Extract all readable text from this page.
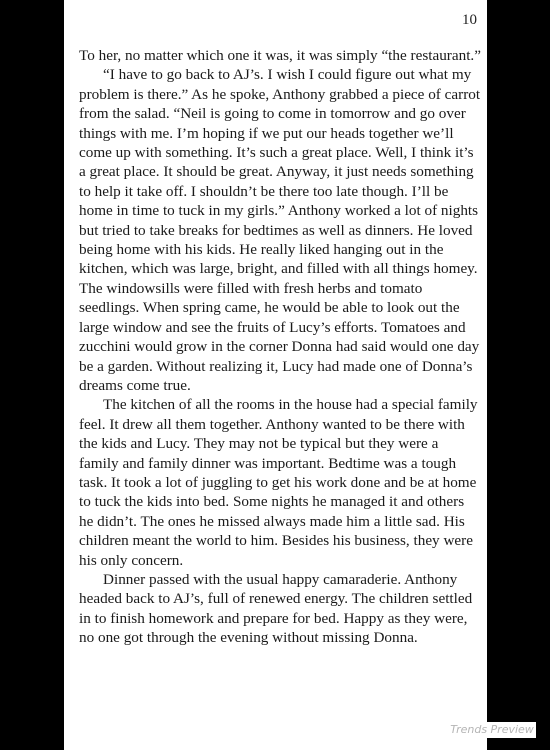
10

To her, no matter which one it was, it was simply “the restaurant.”

“I have to go back to AJ’s. I wish I could figure out what my problem is there.” As he spoke, Anthony grabbed a piece of carrot from the salad. “Neil is going to come in tomorrow and go over things with me. I’m hoping if we put our heads together we’ll come up with something. It’s such a great place. Well, I think it’s a great place. It should be great. Anyway, it just needs something to help it take off. I shouldn’t be there too late though. I’ll be home in time to tuck in my girls.” Anthony worked a lot of nights but tried to take breaks for bedtimes as well as dinners. He loved being home with his kids. He really liked hanging out in the kitchen, which was large, bright, and filled with all things homey. The windowsills were filled with fresh herbs and tomato seedlings. When spring came, he would be able to look out the large window and see the fruits of Lucy’s efforts. Tomatoes and zucchini would grow in the corner Donna had said would one day be a garden. Without realizing it, Lucy had made one of Donna’s dreams come true.

The kitchen of all the rooms in the house had a special family feel. It drew all them together. Anthony wanted to be there with the kids and Lucy. They may not be typical but they were a family and family dinner was important. Bedtime was a tough task. It took a lot of juggling to get his work done and be at home to tuck the kids into bed. Some nights he managed it and others he didn’t. The ones he missed always made him a little sad. His children meant the world to him. Besides his business, they were his only concern.

Dinner passed with the usual happy camaraderie. Anthony headed back to AJ’s, full of renewed energy. The children settled in to finish homework and prepare for bed. Happy as they were, no one got through the evening without missing Donna.

Trends Preview
